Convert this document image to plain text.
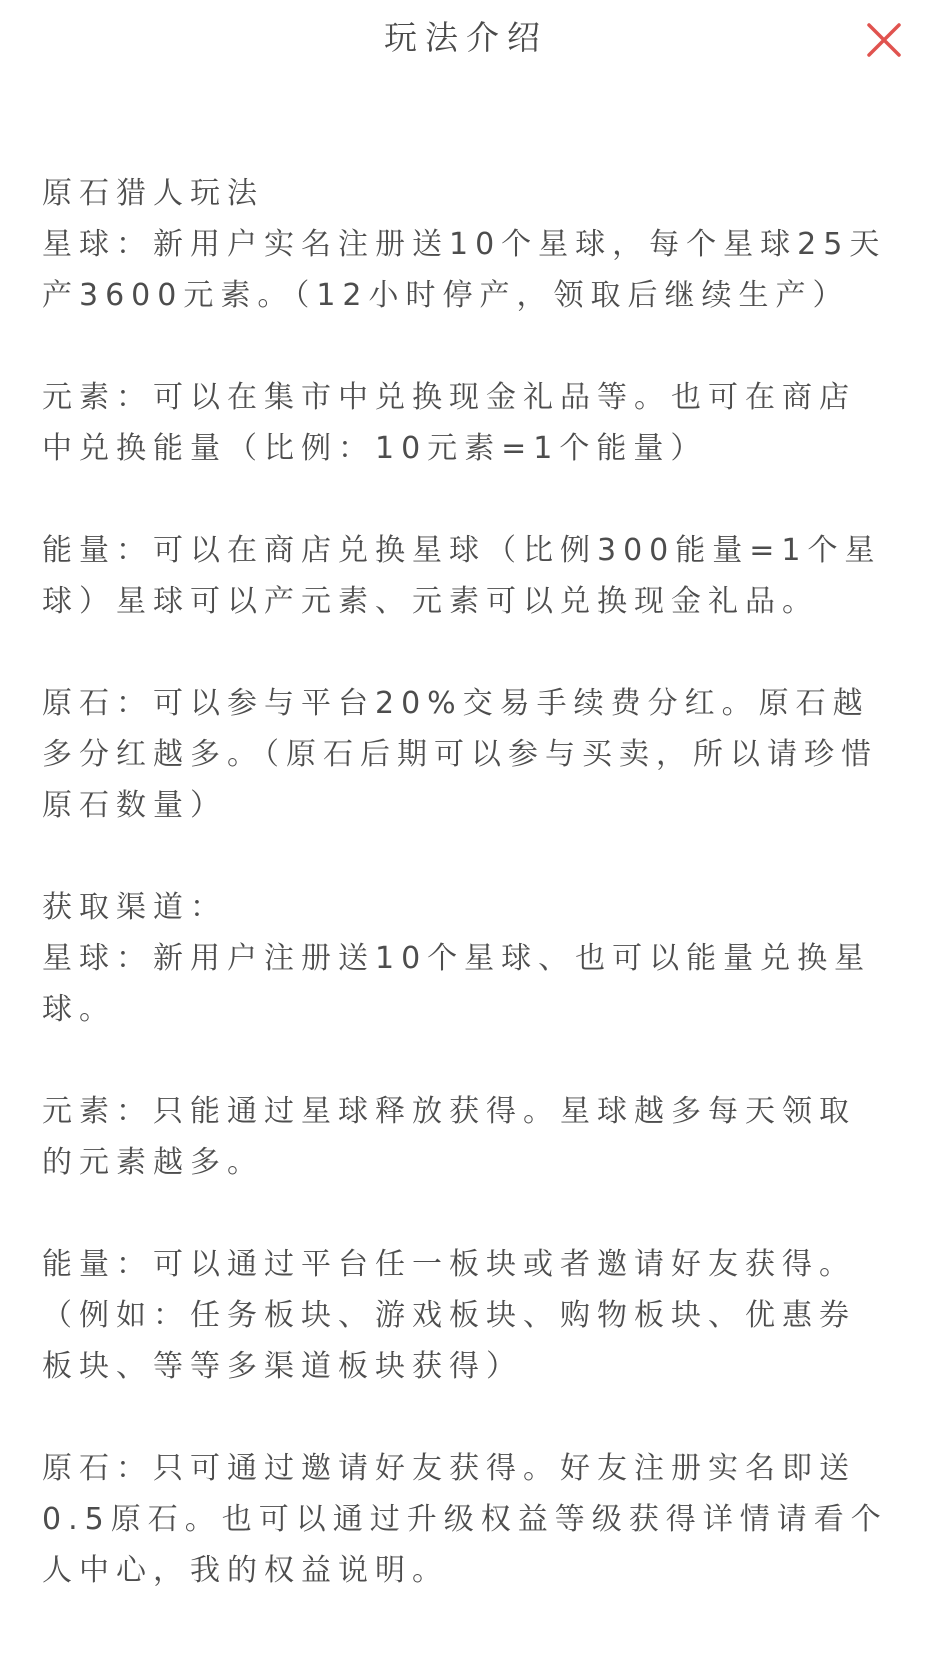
玩法介绍

原石猎人玩法

星球：新用户实名注册送10个星球，每个星球25天产3600元素。（12小时停产，领取后继续生产）

元素：可以在集市中兑换现金礼品等。也可在商店中兑换能量（比例：10元素=1个能量）

能量：可以在商店兑换星球（比例300能量=1个星球）星球可以产元素、元素可以兑换现金礼品。

原石：可以参与平台20%交易手续费分红。原石越多分红越多。（原石后期可以参与买卖，所以请珍惜原石数量）

获取渠道：

星球：新用户注册送10个星球、也可以能量兑换星球。

元素：只能通过星球释放获得。星球越多每天领取的元素越多。

能量：可以通过平台任一板块或者邀请好友获得。（例如：任务板块、游戏板块、购物板块、优惠券板块、等等多渠道板块获得）

原石：只可通过邀请好友获得。好友注册实名即送0.5原石。也可以通过升级权益等级获得详情请看个人中心，我的权益说明。
